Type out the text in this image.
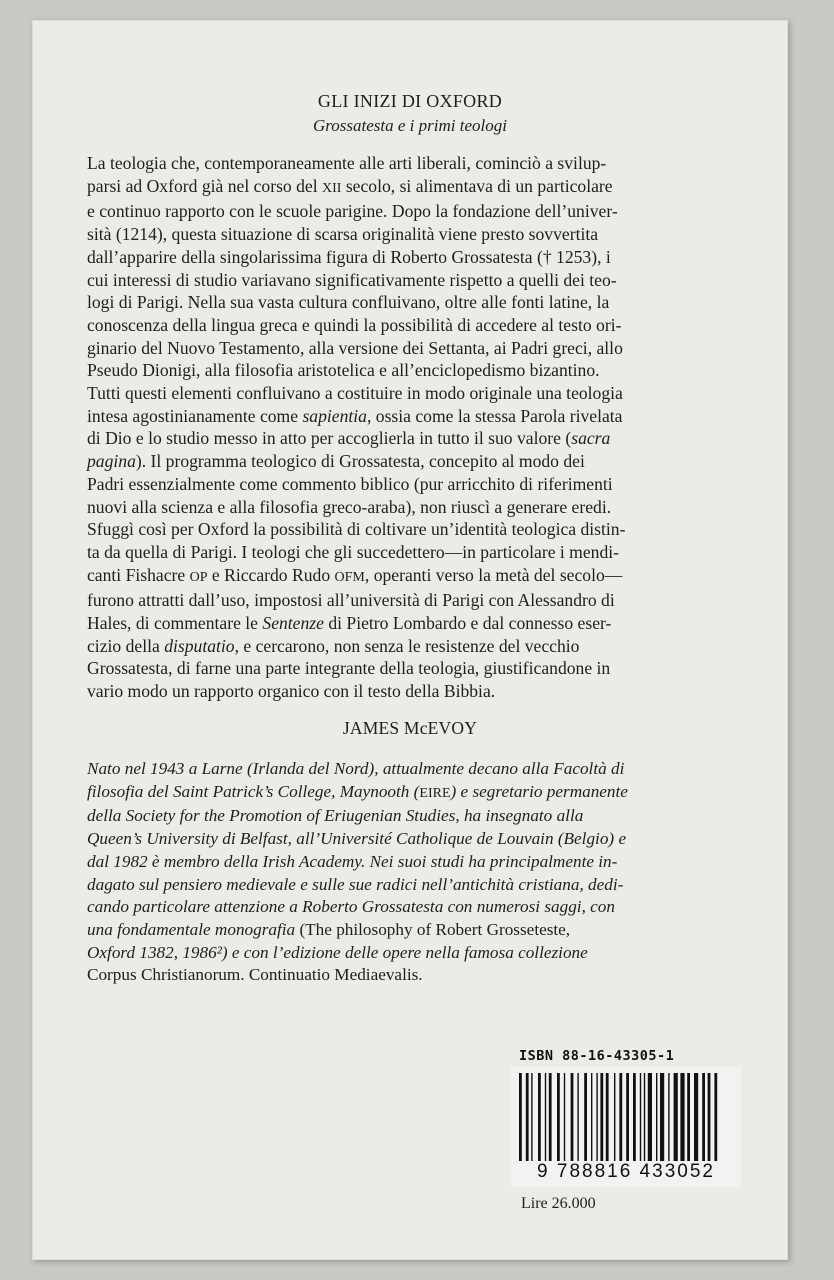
GLI INIZI DI OXFORD
Grossatesta e i primi teologi
La teologia che, contemporaneamente alle arti liberali, cominciò a svilup-
parsi ad Oxford già nel corso del XII secolo, si alimentava di un particolare
e continuo rapporto con le scuole parigine. Dopo la fondazione dell’univer-
sità (1214), questa situazione di scarsa originalità viene presto sovvertita
dall’apparire della singolarissima figura di Roberto Grossatesta († 1253), i
cui interessi di studio variavano significativamente rispetto a quelli dei teo-
logi di Parigi. Nella sua vasta cultura confluivano, oltre alle fonti latine, la
conoscenza della lingua greca e quindi la possibilità di accedere al testo ori-
ginario del Nuovo Testamento, alla versione dei Settanta, ai Padri greci, allo
Pseudo Dionigi, alla filosofia aristotelica e all’enciclopedismo bizantino.
Tutti questi elementi confluivano a costituire in modo originale una teologia
intesa agostinianamente come sapientia, ossia come la stessa Parola rivelata
di Dio e lo studio messo in atto per accoglierla in tutto il suo valore (sacra
pagina). Il programma teologico di Grossatesta, concepito al modo dei
Padri essenzialmente come commento biblico (pur arricchito di riferimenti
nuovi alla scienza e alla filosofia greco-araba), non riuscì a generare eredi.
Sfuggì così per Oxford la possibilità di coltivare un’identità teologica distin-
ta da quella di Parigi. I teologi che gli succedettero—in particolare i mendi-
canti Fishacre OP e Riccardo Rudo OFM, operanti verso la metà del secolo—
furono attratti dall’uso, impostosi all’università di Parigi con Alessandro di
Hales, di commentare le Sentenze di Pietro Lombardo e dal connesso eser-
cizio della disputatio, e cercarono, non senza le resistenze del vecchio
Grossatesta, di farne una parte integrante della teologia, giustificandone in
vario modo un rapporto organico con il testo della Bibbia.
JAMES McEVOY
Nato nel 1943 a Larne (Irlanda del Nord), attualmente decano alla Facoltà di
filosofia del Saint Patrick’s College, Maynooth (EIRE) e segretario permanente
della Society for the Promotion of Eriugenian Studies, ha insegnato alla
Queen’s University di Belfast, all’Université Catholique de Louvain (Belgio) e
dal 1982 è membro della Irish Academy. Nei suoi studi ha principalmente in-
dagato sul pensiero medievale e sulle sue radici nell’antichità cristiana, dedi-
cando particolare attenzione a Roberto Grossatesta con numerosi saggi, con
una fondamentale monografia (The philosophy of Robert Grosseteste,
Oxford 1382, 1986²) e con l’edizione delle opere nella famosa collezione
Corpus Christianorum. Continuatio Mediaevalis.
ISBN 88-16-43305-1
9 788816 433052
Lire 26.000
